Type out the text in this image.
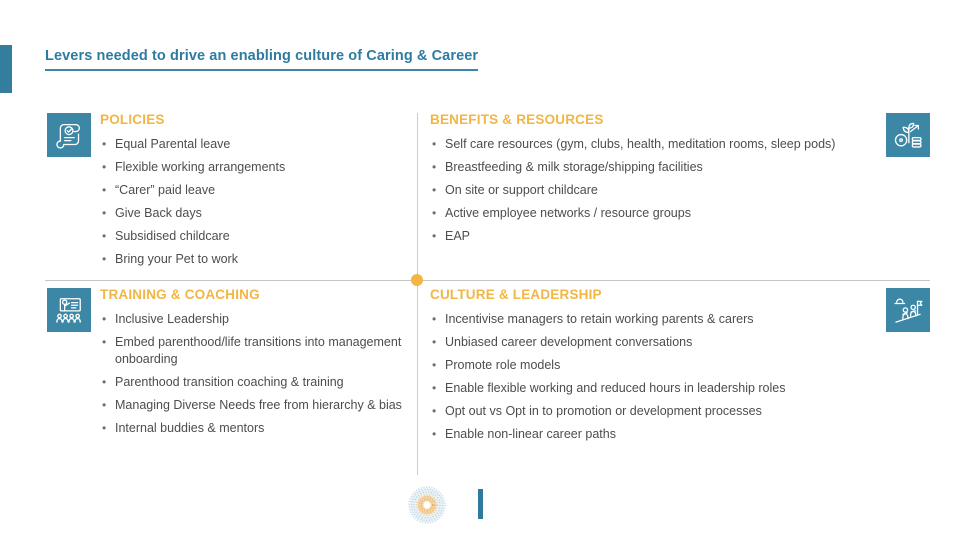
Levers needed to drive an enabling culture of Caring & Career
POLICIES
• Equal Parental leave
• Flexible working arrangements
• “Carer” paid leave
• Give Back days
• Subsidised childcare
• Bring your Pet to work
BENEFITS & RESOURCES
• Self care resources (gym, clubs, health, meditation rooms, sleep pods)
• Breastfeeding & milk storage/shipping facilities
• On site or support childcare
• Active employee networks / resource groups
• EAP
TRAINING & COACHING
• Inclusive Leadership
• Embed parenthood/life transitions into management onboarding
• Parenthood transition coaching & training
• Managing Diverse Needs free from hierarchy & bias
• Internal buddies & mentors
CULTURE & LEADERSHIP
• Incentivise managers to retain working parents & carers
• Unbiased career development conversations
• Promote role models
• Enable flexible working and reduced hours in leadership roles
• Opt out vs Opt in to promotion or development processes
• Enable non-linear career paths
